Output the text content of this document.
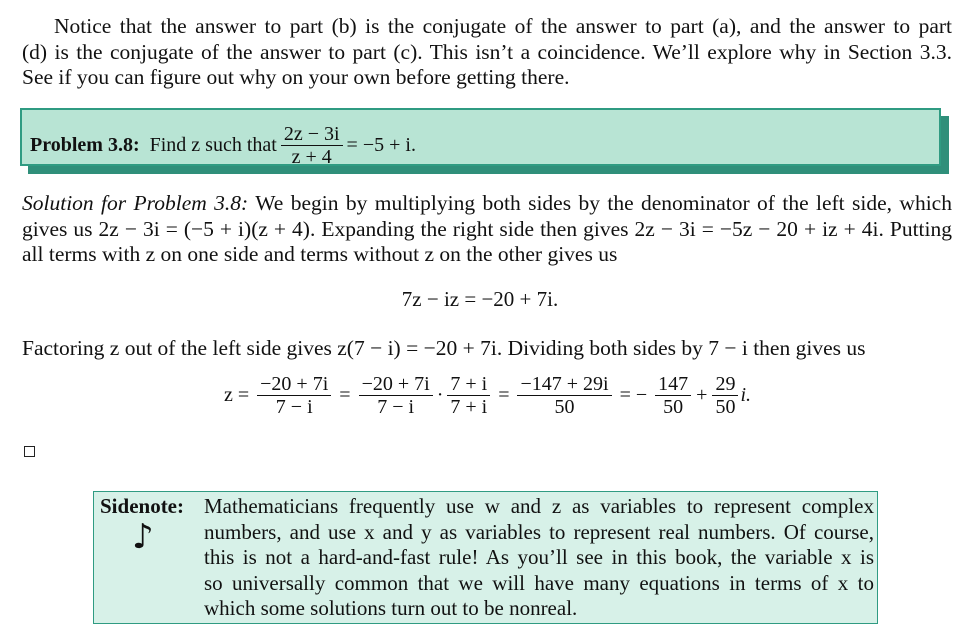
Notice that the answer to part (b) is the conjugate of the answer to part (a), and the answer to part
(d) is the conjugate of the answer to part (c). This isn’t a coincidence. We’ll explore why in Section 3.3.
See if you can figure out why on your own before getting there.
Problem 3.8: Find z such that $\frac{2z - 3i}{z + 4} = -5 + i$.
Solution for Problem 3.8: We begin by multiplying both sides by the denominator of the left side, which
gives us 2z − 3i = (−5 + i)(z + 4). Expanding the right side then gives 2z − 3i = −5z − 20 + iz + 4i. Putting
all terms with z on one side and terms without z on the other gives us
7z − iz = −20 + 7i.
Factoring z out of the left side gives z(7 − i) = −20 + 7i. Dividing both sides by 7 − i then gives us
$z = \frac{-20 + 7i}{7 - i} = \frac{-20 + 7i}{7 - i} \cdot \frac{7 + i}{7 + i} = \frac{-147 + 29i}{50}$ = − $\frac{147}{50} + \frac{29}{50} i$.
Sidenote:
♪
Mathematicians frequently use w and z as variables to represent complex
numbers, and use x and y as variables to represent real numbers. Of course,
this is not a hard-and-fast rule! As you’ll see in this book, the variable x is
so universally common that we will have many equations in terms of x to
which some solutions turn out to be nonreal.
